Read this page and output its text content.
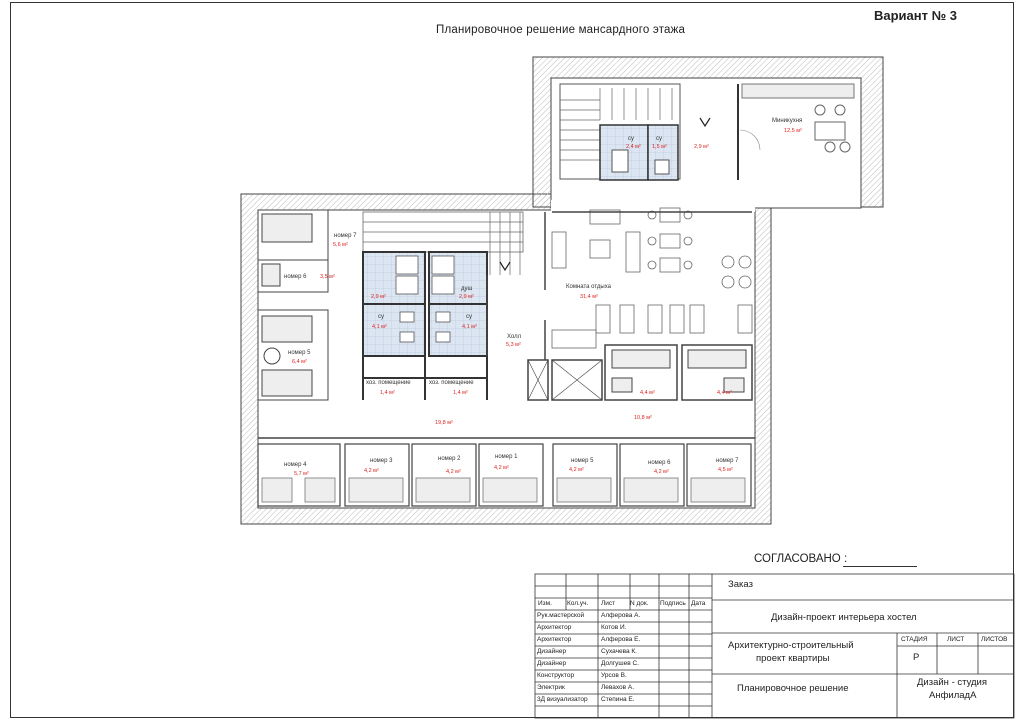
Вариант № 3
Планировочное решение мансардного этажа
номер 7
5,6 м²
номер 6 3,5 м²
номер 5
6,4 м²
номер 4
5,7 м²
номер 3
4,2 м²
номер 2
4,2 м²
номер 1
4,2 м²
номер 5
4,2 м²
номер 6
4,2 м²
номер 7
4,5 м²
су
4,1 м²
су
4,1 м²
душ
2,9 м²
2,9 м²
хоз. помещение
1,4 м²
хоз. помещение
1,4 м²
Холл
5,3 м²
19,8 м²
10,8 м²
Комната отдыха
31,4 м²
4,4 м²	4,4 м²
Миникухня
12,5 м²
су
2,4 м²
су
1,5 м²	2,9 м²
СОГЛАСОВАНО :
Изм. Кол.уч. Лист N док. Подпись Дата
Рук.мастерской	Алферова А.
Архитектор	Котов И.
Архитектор	Алферова Е.
Дизайнер	Сухачева К.
Дизайнер	Долгушев С.
Конструктор	Урсов В.
Электрик	Левахов А.
3Д визуализатор Степина Е.
Заказ
Дизайн-проект интерьера хостел
Архитектурно-строительный
проект квартиры
СТАДИЯ	ЛИСТ	ЛИСТОВ
Р
Планировочное решение
Дизайн - студия
АнфиладА
